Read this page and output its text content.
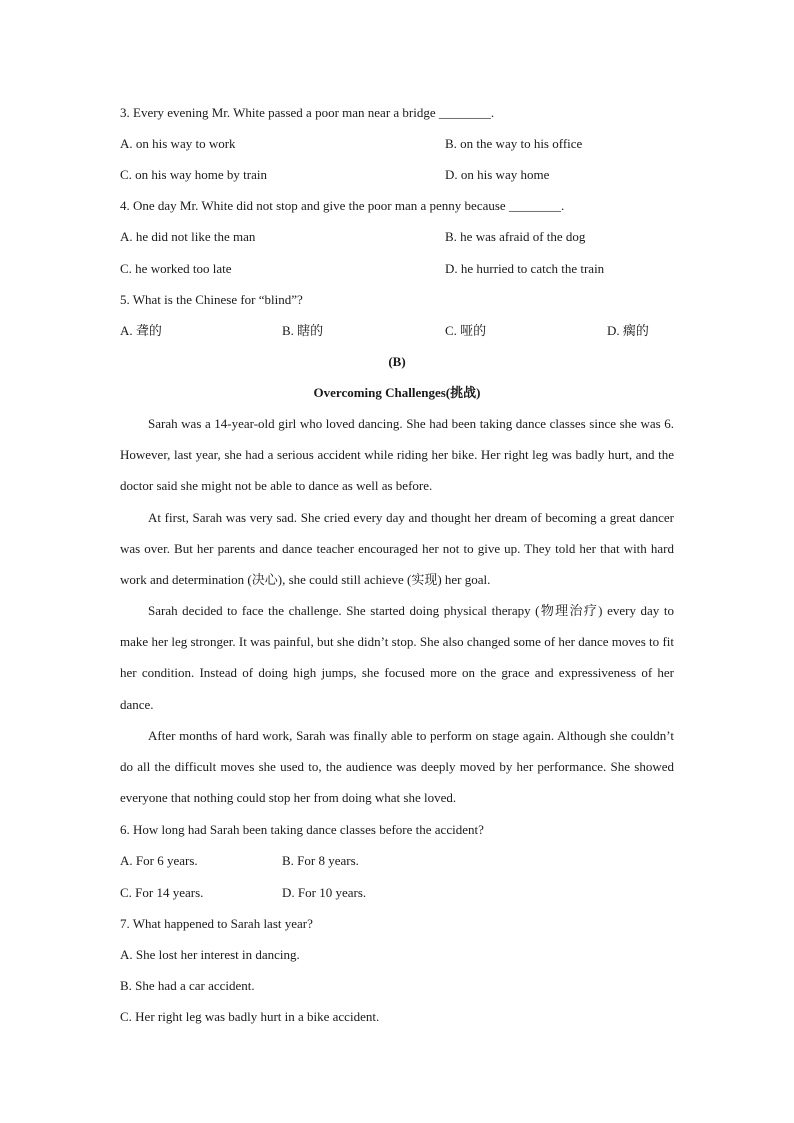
3. Every evening Mr. White passed a poor man near a bridge ________.
A. on his way to work	B. on the way to his office
C. on his way home by train	D. on his way home
4. One day Mr. White did not stop and give the poor man a penny because ________.
A. he did not like the man	B. he was afraid of the dog
C. he worked too late	D. he hurried to catch the train
5. What is the Chinese for “blind”?
A. 聋的	B. 瞎的	C. 哑的	D. 瘸的
(B)
Overcoming Challenges(挑战)

Sarah was a 14-year-old girl who loved dancing. She had been taking dance classes since she was 6. However, last year, she had a serious accident while riding her bike. Her right leg was badly hurt, and the doctor said she might not be able to dance as well as before.

At first, Sarah was very sad. She cried every day and thought her dream of becoming a great dancer was over. But her parents and dance teacher encouraged her not to give up. They told her that with hard work and determination (决心), she could still achieve (实现) her goal.

Sarah decided to face the challenge. She started doing physical therapy (物理治疗) every day to make her leg stronger. It was painful, but she didn’t stop. She also changed some of her dance moves to fit her condition. Instead of doing high jumps, she focused more on the grace and expressiveness of her dance.

After months of hard work, Sarah was finally able to perform on stage again. Although she couldn’t do all the difficult moves she used to, the audience was deeply moved by her performance. She showed everyone that nothing could stop her from doing what she loved.

6. How long had Sarah been taking dance classes before the accident?
A. For 6 years.	B. For 8 years.
C. For 14 years.	D. For 10 years.
7. What happened to Sarah last year?
A. She lost her interest in dancing.
B. She had a car accident.
C. Her right leg was badly hurt in a bike accident.
